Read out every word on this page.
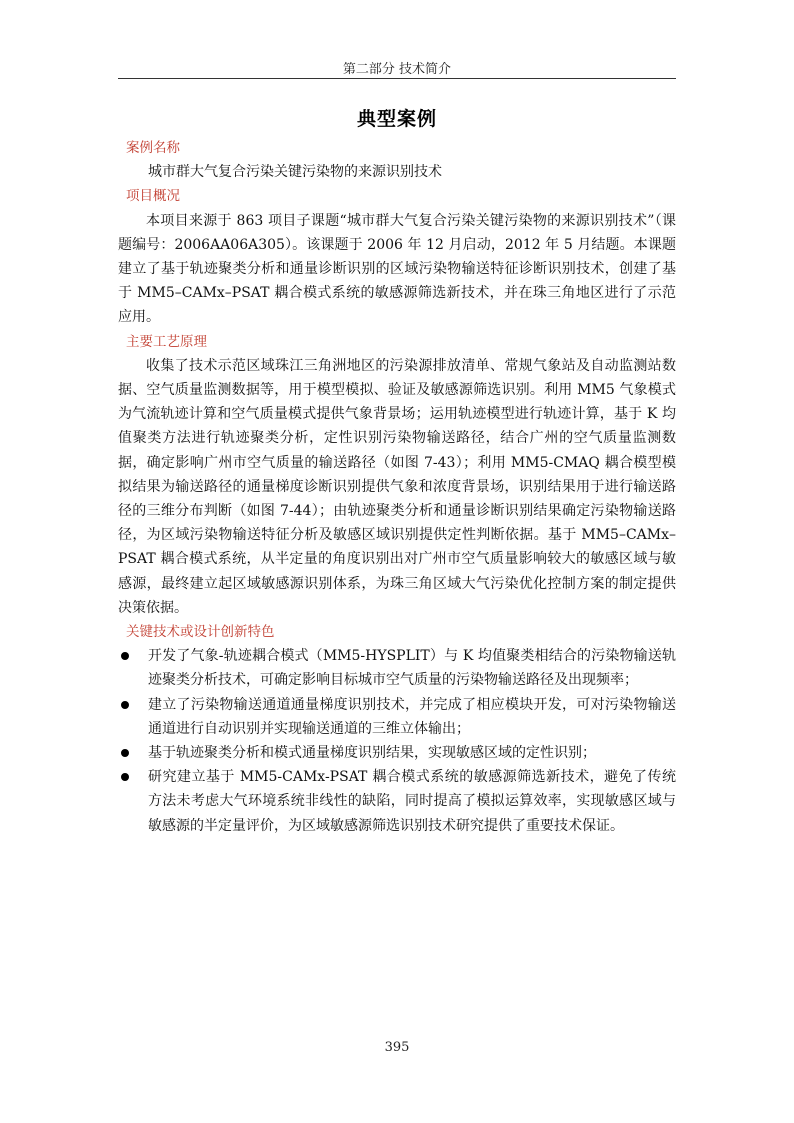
第二部分 技术简介
典型案例
案例名称

城市群大气复合污染关键污染物的来源识别技术

项目概况

本项目来源于 863 项目子课题“城市群大气复合污染关键污染物的来源识别技术”（课题编号：2006AA06A305）。该课题于 2006 年 12 月启动，2012 年 5 月结题。本课题建立了基于轨迹聚类分析和通量诊断识别的区域污染物输送特征诊断识别技术，创建了基于 MM5–CAMx–PSAT 耦合模式系统的敏感源筛选新技术，并在珠三角地区进行了示范应用。

主要工艺原理

收集了技术示范区域珠江三角洲地区的污染源排放清单、常规气象站及自动监测站数据、空气质量监测数据等，用于模型模拟、验证及敏感源筛选识别。利用 MM5 气象模式为气流轨迹计算和空气质量模式提供气象背景场；运用轨迹模型进行轨迹计算，基于 K 均值聚类方法进行轨迹聚类分析，定性识别污染物输送路径，结合广州的空气质量监测数据，确定影响广州市空气质量的输送路径（如图 7-43）；利用 MM5-CMAQ 耦合模型模拟结果为输送路径的通量梯度诊断识别提供气象和浓度背景场，识别结果用于进行输送路径的三维分布判断（如图 7-44）；由轨迹聚类分析和通量诊断识别结果确定污染物输送路径，为区域污染物输送特征分析及敏感区域识别提供定性判断依据。基于 MM5–CAMx–PSAT 耦合模式系统，从半定量的角度识别出对广州市空气质量影响较大的敏感区域与敏感源，最终建立起区域敏感源识别体系，为珠三角区域大气污染优化控制方案的制定提供决策依据。

关键技术或设计创新特色
开发了气象-轨迹耦合模式（MM5-HYSPLIT）与 K 均值聚类相结合的污染物输送轨迹聚类分析技术，可确定影响目标城市空气质量的污染物输送路径及出现频率；
建立了污染物输送通道通量梯度识别技术，并完成了相应模块开发，可对污染物输送通道进行自动识别并实现输送通道的三维立体输出；
基于轨迹聚类分析和模式通量梯度识别结果，实现敏感区域的定性识别；
研究建立基于 MM5-CAMx-PSAT 耦合模式系统的敏感源筛选新技术，避免了传统方法未考虑大气环境系统非线性的缺陷，同时提高了模拟运算效率，实现敏感区域与敏感源的半定量评价，为区域敏感源筛选识别技术研究提供了重要技术保证。
395
